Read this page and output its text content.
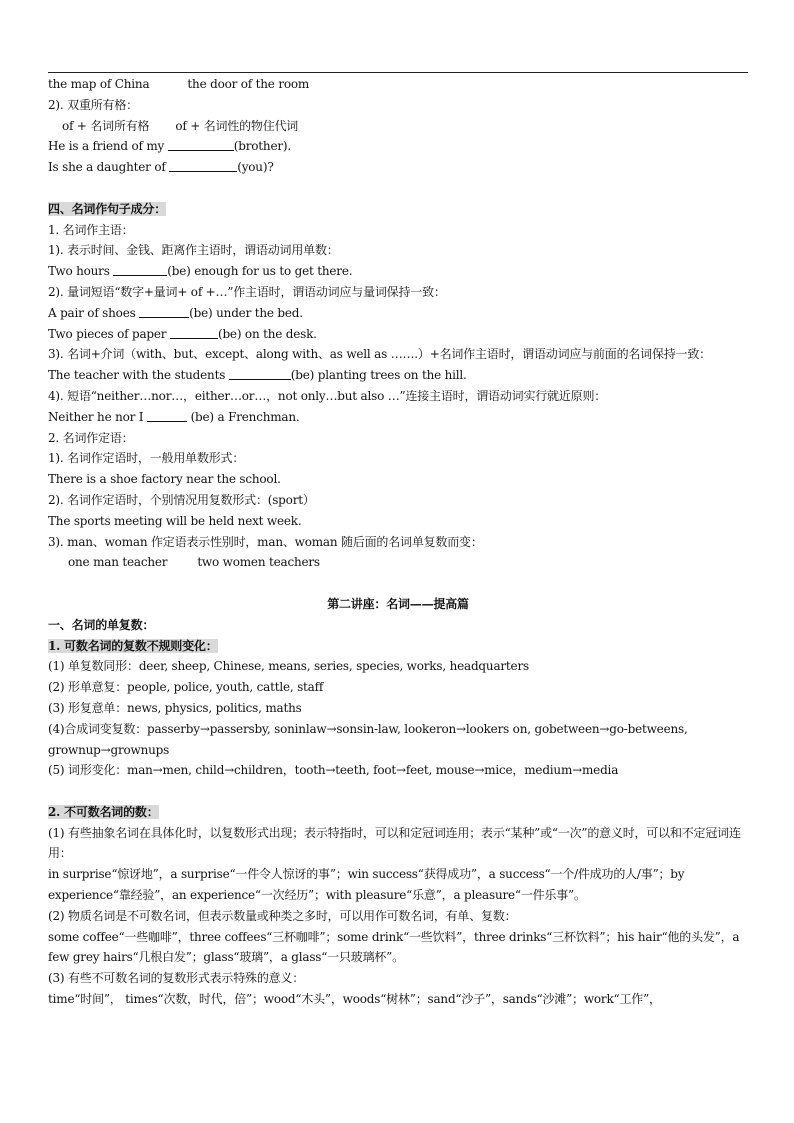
the map of China	the door of the room
2). 双重所有格：
of + 名词所有格 of + 名词性的物住代词
He is a friend of my	(brother).
Is she a daughter of	(you)?
四、名词作句子成分：
1. 名词作主语：
1). 表示时间、金钱、距离作主语时，谓语动词用单数：
Two hours	(be) enough for us to get there.
2). 量词短语“数字+量词+ of +…”作主语时，谓语动词应与量词保持一致：
A pair of shoes	(be) under the bed.
Two pieces of paper	(be) on the desk.
3). 名词+介词（with、but、except、along with、as well as …….）+名词作主语时，谓语动词应与前面的名词保持一致：
The teacher with the students	(be) planting trees on the hill.
4). 短语“neither…nor…，either…or…，not only…but also …”连接主语时，谓语动词实行就近原则：
Neither he nor I	(be) a Frenchman.
2. 名词作定语：
1). 名词作定语时，一般用单数形式：
There is a shoe factory near the school.
2). 名词作定语时，个别情况用复数形式：(sport）
The sports meeting will be held next week.
3). man、woman 作定语表示性别时，man、woman 随后面的名词单复数而变：
one man teacher	two women teachers
第二讲座：名词——提高篇
一、名词的单复数：
1. 可数名词的复数不规则变化：
(1) 单复数同形：deer, sheep, Chinese, means, series, species, works, headquarters
(2) 形单意复：people, police, youth, cattle, staff
(3) 形复意单：news, physics, politics, maths
(4)合成词变复数：passerby→passersby, soninlaw→sonsin-law, lookeron→lookers on, gobetween→go-betweens,
grownup→grownups
(5) 词形变化：man→men, child→children，tooth→teeth, foot→feet, mouse→mice，medium→media
2. 不可数名词的数：
(1) 有些抽象名词在具体化时，以复数形式出现；表示特指时，可以和定冠词连用；表示“某种”或“一次”的意义时，可以和不定冠词连用：
in surprise“惊讶地”，a surprise“一件令人惊讶的事”；win success“获得成功”，a success“一个/件成功的人/事”；by experience“靠经验”，an experience“一次经历”；with pleasure“乐意”，a pleasure“一件乐事”。
(2) 物质名词是不可数名词，但表示数量或种类之多时，可以用作可数名词，有单、复数：
some coffee“一些咖啡”，three coffees“三杯咖啡”；some drink“一些饮料”，three drinks“三杯饮料”；his hair“他的头发”，a few grey hairs“几根白发”；glass“玻璃”，a glass“一只玻璃杯”。
(3) 有些不可数名词的复数形式表示特殊的意义：
time“时间”， times“次数，时代，倍”；wood“木头”，woods“树林”；sand“沙子”，sands“沙滩”；work“工作”，
